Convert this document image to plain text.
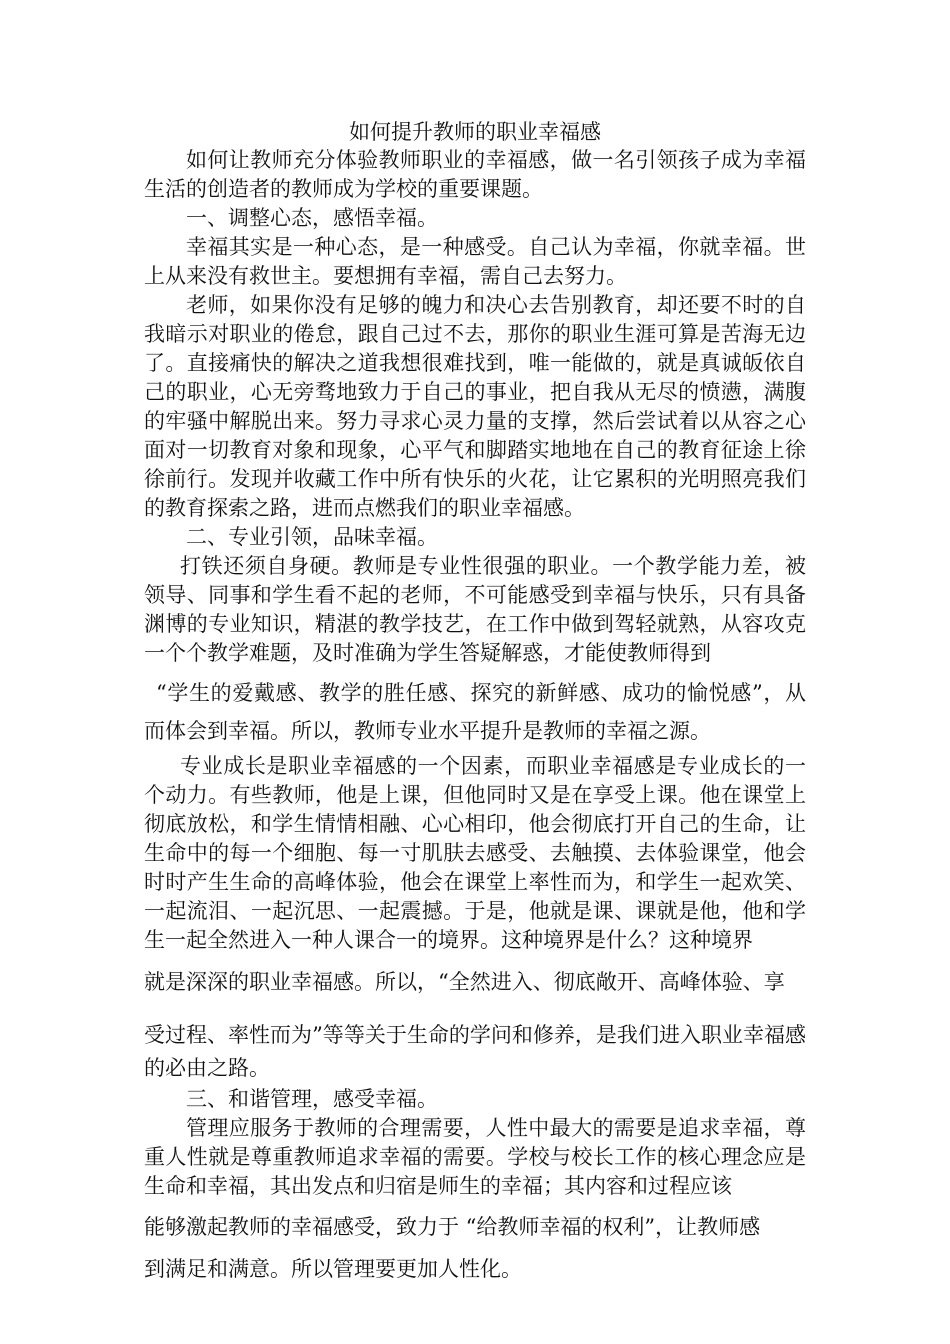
如何提升教师的职业幸福感

如何让教师充分体验教师职业的幸福感，做一名引领孩子成为幸福生活的创造者的教师成为学校的重要课题。

一、调整心态，感悟幸福。

幸福其实是一种心态，是一种感受。自己认为幸福，你就幸福。世上从来没有救世主。要想拥有幸福，需自己去努力。

老师，如果你没有足够的魄力和决心去告别教育，却还要不时的自我暗示对职业的倦怠，跟自己过不去，那你的职业生涯可算是苦海无边了。直接痛快的解决之道我想很难找到，唯一能做的，就是真诚皈依自己的职业，心无旁骛地致力于自己的事业，把自我从无尽的愤懑，满腹的牢骚中解脱出来。努力寻求心灵力量的支撑，然后尝试着以从容之心面对一切教育对象和现象，心平气和脚踏实地地在自己的教育征途上徐徐前行。发现并收藏工作中所有快乐的火花，让它累积的光明照亮我们的教育探索之路，进而点燃我们的职业幸福感。

二、专业引领，品味幸福。

打铁还须自身硬。教师是专业性很强的职业。一个教学能力差，被领导、同事和学生看不起的老师，不可能感受到幸福与快乐，只有具备渊博的专业知识，精湛的教学技艺，在工作中做到驾轻就熟，从容攻克一个个教学难题，及时准确为学生答疑解惑，才能使教师得到

“学生的爱戴感、教学的胜任感、探究的新鲜感、成功的愉悦感”，从而体会到幸福。所以，教师专业水平提升是教师的幸福之源。

专业成长是职业幸福感的一个因素，而职业幸福感是专业成长的一个动力。有些教师，他是上课，但他同时又是在享受上课。他在课堂上彻底放松，和学生情情相融、心心相印，他会彻底打开自己的生命，让生命中的每一个细胞、每一寸肌肤去感受、去触摸、去体验课堂，他会时时产生生命的高峰体验，他会在课堂上率性而为，和学生一起欢笑、一起流泪、一起沉思、一起震撼。于是，他就是课、课就是他，他和学生一起全然进入一种人课合一的境界。这种境界是什么？这种境界

就是深深的职业幸福感。所以，“全然进入、彻底敞开、高峰体验、享

受过程、率性而为”等等关于生命的学问和修养，是我们进入职业幸福感的必由之路。

三、和谐管理，感受幸福。

管理应服务于教师的合理需要，人性中最大的需要是追求幸福，尊重人性就是尊重教师追求幸福的需要。学校与校长工作的核心理念应是生命和幸福，其出发点和归宿是师生的幸福；其内容和过程应该

能够激起教师的幸福感受，致力于 “给教师幸福的权利”，让教师感

到满足和满意。所以管理要更加人性化。
